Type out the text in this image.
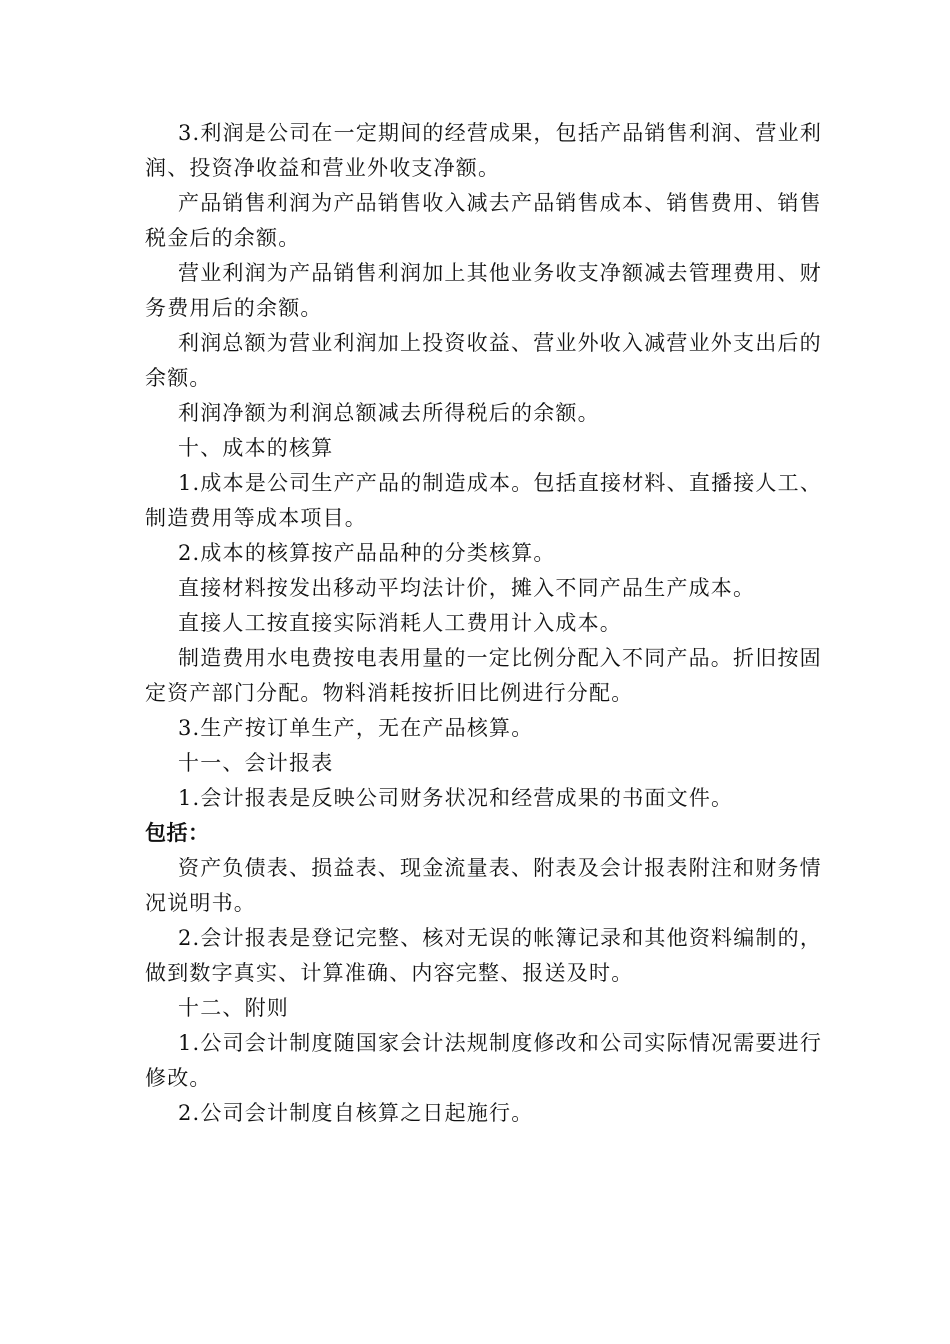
3.利润是公司在一定期间的经营成果，包括产品销售利润、营业利润、投资净收益和营业外收支净额。

产品销售利润为产品销售收入减去产品销售成本、销售费用、销售税金后的余额。

营业利润为产品销售利润加上其他业务收支净额减去管理费用、财务费用后的余额。

利润总额为营业利润加上投资收益、营业外收入减营业外支出后的余额。

利润净额为利润总额减去所得税后的余额。

十、成本的核算

1.成本是公司生产产品的制造成本。包括直接材料、直播接人工、制造费用等成本项目。

2.成本的核算按产品品种的分类核算。

直接材料按发出移动平均法计价，摊入不同产品生产成本。

直接人工按直接实际消耗人工费用计入成本。

制造费用水电费按电表用量的一定比例分配入不同产品。折旧按固定资产部门分配。物料消耗按折旧比例进行分配。

3.生产按订单生产，无在产品核算。

十一、会计报表

1.会计报表是反映公司财务状况和经营成果的书面文件。

包括：

资产负债表、损益表、现金流量表、附表及会计报表附注和财务情况说明书。

2.会计报表是登记完整、核对无误的帐簿记录和其他资料编制的，做到数字真实、计算准确、内容完整、报送及时。

十二、附则

1.公司会计制度随国家会计法规制度修改和公司实际情况需要进行修改。

2.公司会计制度自核算之日起施行。
